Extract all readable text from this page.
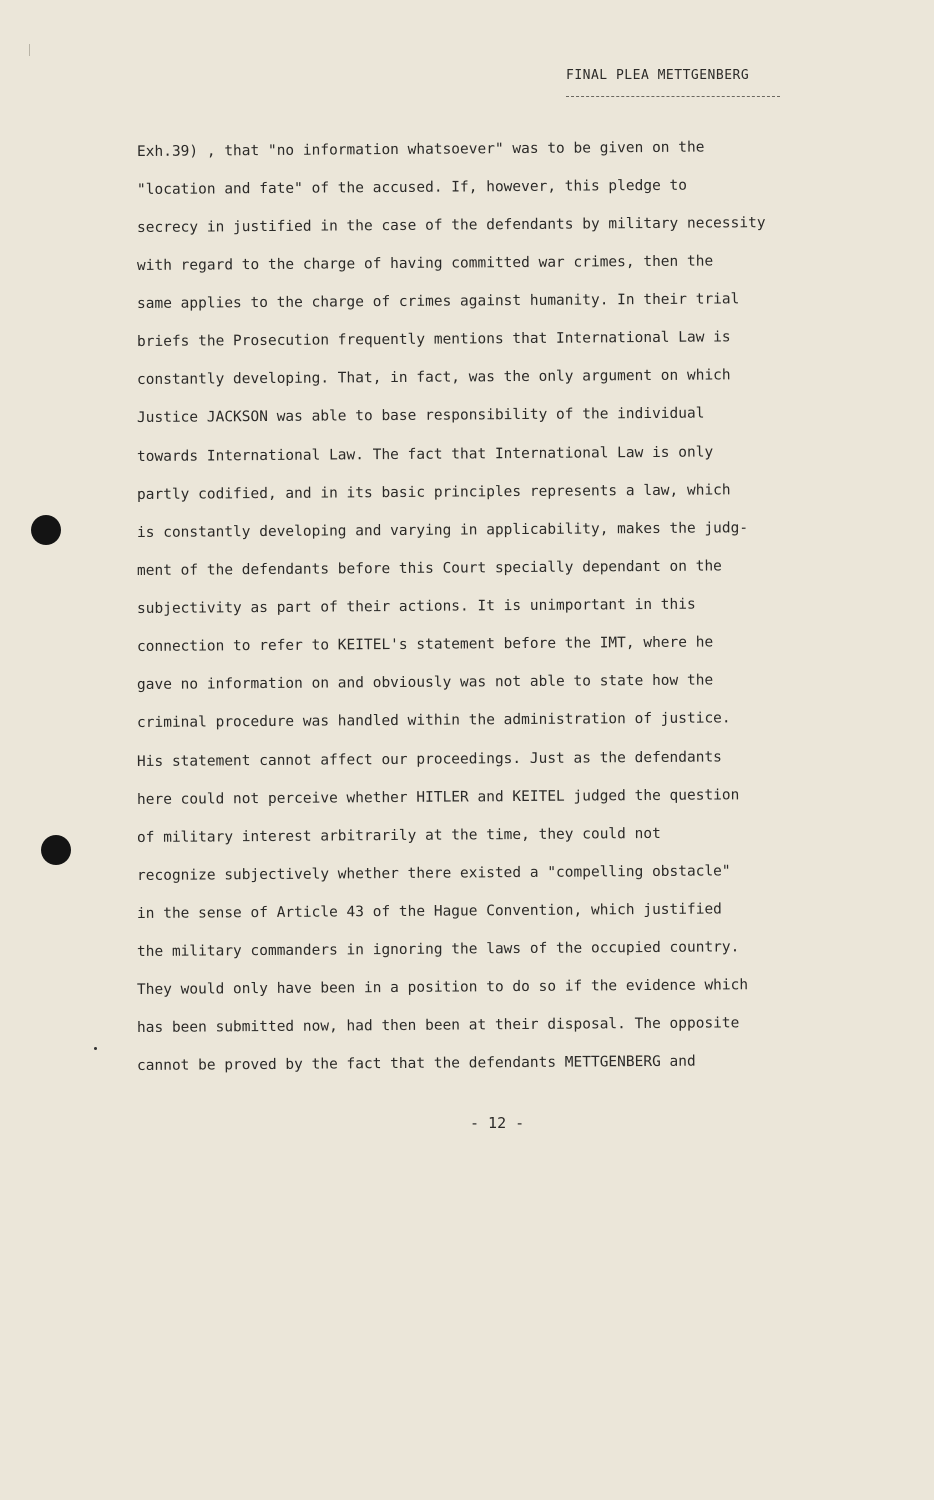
FINAL PLEA METTGENBERG
Exh.39) , that "no information whatsoever" was to be given on the
"location and fate" of the accused. If, however, this pledge to
secrecy in justified in the case of the defendants by military necessity
with regard to the charge of having committed war crimes, then the
same applies to the charge of crimes against humanity. In their trial
briefs the Prosecution frequently mentions that International Law is
constantly developing. That, in fact, was the only argument on which
Justice JACKSON was able to base responsibility of the individual
towards International Law. The fact that International Law is only
partly codified, and in its basic principles represents a law, which
is constantly developing and varying in applicability, makes the judg-
ment of the defendants before this Court specially dependant on the
subjectivity as part of their actions. It is unimportant in this
connection to refer to KEITEL's statement before the IMT, where he
gave no information on and obviously was not able to state how the
criminal procedure was handled within the administration of justice.
His statement cannot affect our proceedings. Just as the defendants
here could not perceive whether HITLER and KEITEL judged the question
of military interest arbitrarily at the time, they could not
recognize subjectively whether there existed a "compelling obstacle"
in the sense of Article 43 of the Hague Convention, which justified
the military commanders in ignoring the laws of the occupied country.
They would only have been in a position to do so if the evidence which
has been submitted now, had then been at their disposal. The opposite
cannot be proved by the fact that the defendants METTGENBERG and
- 12 -
